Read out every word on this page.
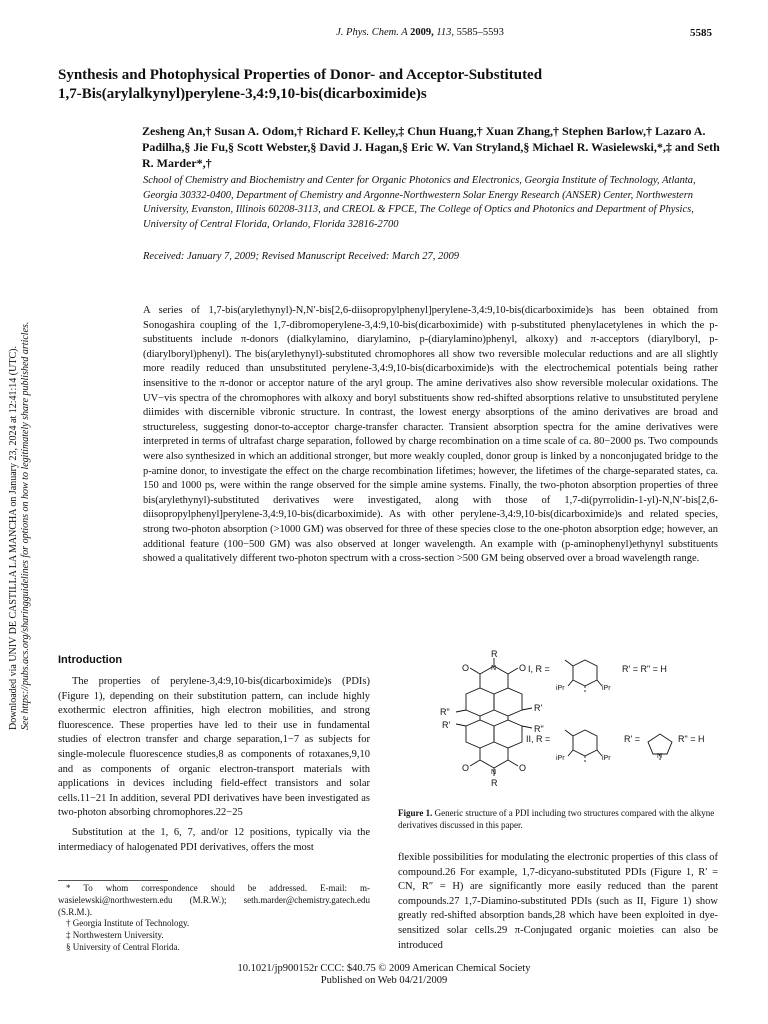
J. Phys. Chem. A 2009, 113, 5585–5593	5585
Synthesis and Photophysical Properties of Donor- and Acceptor-Substituted
1,7-Bis(arylalkynyl)perylene-3,4:9,10-bis(dicarboximide)s
Zesheng An,† Susan A. Odom,† Richard F. Kelley,‡ Chun Huang,† Xuan Zhang,† Stephen Barlow,† Lazaro A. Padilha,§ Jie Fu,§ Scott Webster,§ David J. Hagan,§ Eric W. Van Stryland,§ Michael R. Wasielewski,*,‡ and Seth R. Marder*,†
School of Chemistry and Biochemistry and Center for Organic Photonics and Electronics, Georgia Institute of Technology, Atlanta, Georgia 30332-0400, Department of Chemistry and Argonne-Northwestern Solar Energy Research (ANSER) Center, Northwestern University, Evanston, Illinois 60208-3113, and CREOL & FPCE, The College of Optics and Photonics and Department of Physics, University of Central Florida, Orlando, Florida 32816-2700
Received: January 7, 2009; Revised Manuscript Received: March 27, 2009
A series of 1,7-bis(arylethynyl)-N,N′-bis[2,6-diisopropylphenyl]perylene-3,4:9,10-bis(dicarboximide)s has been obtained from Sonogashira coupling of the 1,7-dibromoperylene-3,4:9,10-bis(dicarboximide) with p-substituted phenylacetylenes in which the p-substituents include π-donors (dialkylamino, diarylamino, p-(diarylamino)phenyl, alkoxy) and π-acceptors (diarylboryl, p-(diarylboryl)phenyl). The bis(arylethynyl)-substituted chromophores all show two reversible molecular reductions and are all slightly more readily reduced than unsubstituted perylene-3,4:9,10-bis(dicarboximide)s with the electrochemical potentials being rather insensitive to the π-donor or acceptor nature of the aryl group. The amine derivatives also show reversible molecular oxidations. The UV−vis spectra of the chromophores with alkoxy and boryl substituents show red-shifted absorptions relative to unsubstituted perylene diimides with discernible vibronic structure. In contrast, the lowest energy absorptions of the amino derivatives are broad and structureless, suggesting donor-to-acceptor charge-transfer character. Transient absorption spectra for the amine derivatives were interpreted in terms of ultrafast charge separation, followed by charge recombination on a time scale of ca. 80−2000 ps. Two compounds were also synthesized in which an additional stronger, but more weakly coupled, donor group is linked by a nonconjugated bridge to the p-amine donor, to investigate the effect on the charge recombination lifetimes; however, the lifetimes of the charge-separated states, ca. 150 and 1000 ps, were within the range observed for the simple amine systems. Finally, the two-photon absorption properties of three bis(arylethynyl)-substituted derivatives were investigated, along with those of 1,7-di(pyrrolidin-1-yl)-N,N′-bis[2,6-diisopropylphenyl]perylene-3,4:9,10-bis(dicarboximide). As with other perylene-3,4:9,10-bis(dicarboximide)s and related species, strong two-photon absorption (>1000 GM) was observed for three of these species close to the one-photon absorption edge; however, an additional feature (100−500 GM) was also observed at longer wavelength. An example with (p-aminophenyl)ethynyl substituents showed a qualitatively different two-photon spectrum with a cross-section >500 GM being observed over a broad wavelength range.
Downloaded via UNIV DE CASTILLA LA MANCHA on January 23, 2024 at 12:41:14 (UTC). See https://pubs.acs.org/sharingguidelines for options on how to legitimately share published articles. Introduction

The properties of perylene-3,4:9,10-bis(dicarboximide)s (PDIs) (Figure 1), depending on their substitution pattern, can include highly exothermic electron affinities, high electron mobilities, and strong fluorescence. These properties have led to their use in fundamental studies of electron transfer and charge separation,1−7 as subjects for single-molecule fluorescence studies,8 as components of rotaxanes,9,10 and as components of organic electron-transport materials with applications in devices including field-effect transistors and solar cells.11−21 In addition, several PDI derivatives have been investigated as two-photon absorbing chromophores.22−25

Substitution at the 1, 6, 7, and/or 12 positions, typically via the intermediacy of halogenated PDI derivatives, offers the most

* To whom correspondence should be addressed. E-mail: m-wasielewski@northwestern.edu (M.R.W.); seth.marder@chemistry.gatech.edu (S.R.M.).
† Georgia Institute of Technology.
‡ Northwestern University.
§ University of Central Florida.
R
N
O	O
R"	R'
R'	R"
O	O
N
R
I, R =
iPr	iPr
R' = R" = H
II, R =
iPr	iPr
R' =
N
R" = H
Figure 1. Generic structure of a PDI including two structures compared with the alkyne derivatives discussed in this paper.

flexible possibilities for modulating the electronic properties of this class of compound.26 For example, 1,7-dicyano-substituted PDIs (Figure 1, R′ = CN, R″ = H) are significantly more easily reduced than the parent compounds.27 1,7-Diamino-substituted PDIs (such as II, Figure 1) show greatly red-shifted absorption bands,28 which have been exploited in dye-sensitized solar cells.29 π-Conjugated organic moieties can also be introduced

10.1021/jp900152r CCC: $40.75 © 2009 American Chemical Society
Published on Web 04/21/2009
